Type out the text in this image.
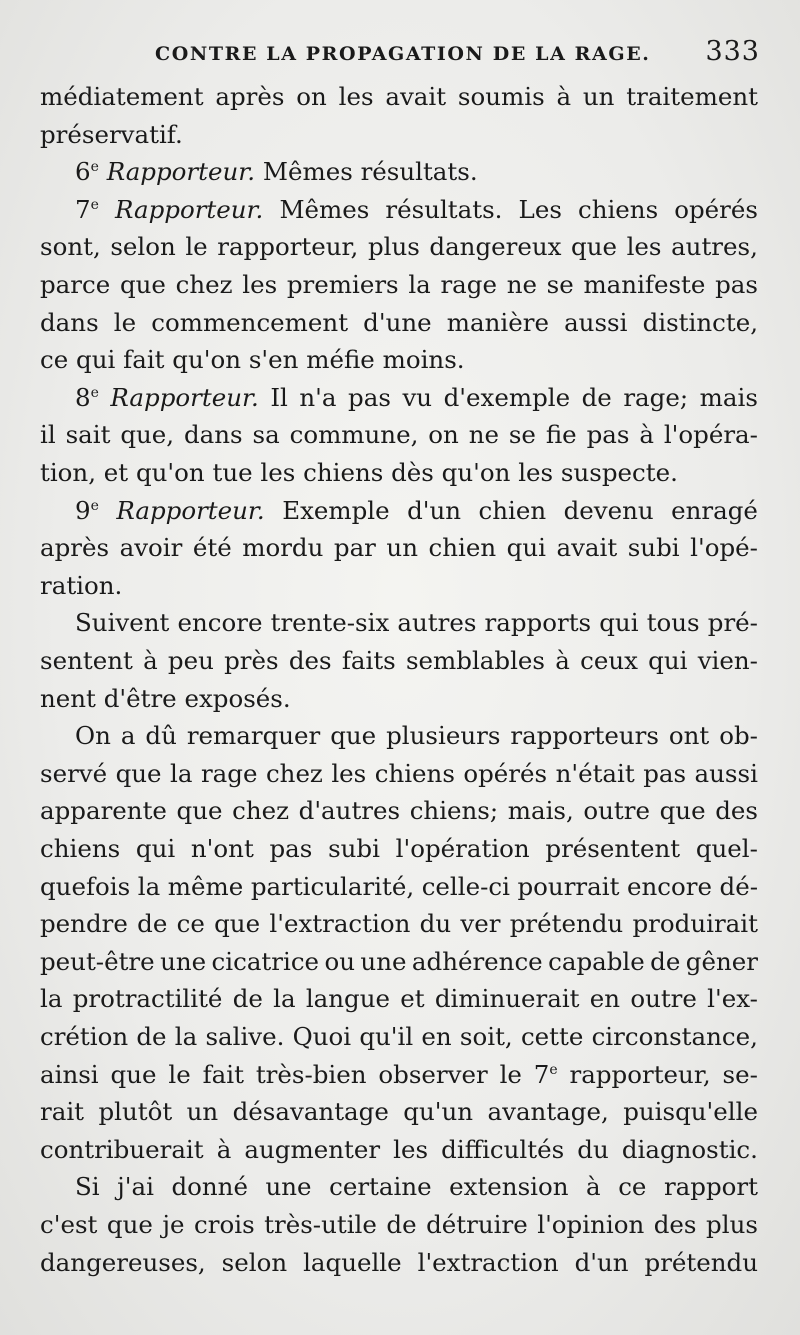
CONTRE LA PROPAGATION DE LA RAGE. 333
médiatement après on les avait soumis à un traitement
préservatif.
6e Rapporteur. Mêmes résultats.
7e Rapporteur. Mêmes résultats. Les chiens opérés
sont, selon le rapporteur, plus dangereux que les autres,
parce que chez les premiers la rage ne se manifeste pas
dans le commencement d'une manière aussi distincte,
ce qui fait qu'on s'en méfie moins.
8e Rapporteur. Il n'a pas vu d'exemple de rage; mais
il sait que, dans sa commune, on ne se fie pas à l'opéra-
tion, et qu'on tue les chiens dès qu'on les suspecte.
9e Rapporteur. Exemple d'un chien devenu enragé
après avoir été mordu par un chien qui avait subi l'opé-
ration.
Suivent encore trente-six autres rapports qui tous pré-
sentent à peu près des faits semblables à ceux qui vien-
nent d'être exposés.
On a dû remarquer que plusieurs rapporteurs ont ob-
servé que la rage chez les chiens opérés n'était pas aussi
apparente que chez d'autres chiens; mais, outre que des
chiens qui n'ont pas subi l'opération présentent quel-
quefois la même particularité, celle-ci pourrait encore dé-
pendre de ce que l'extraction du ver prétendu produirait
peut-être une cicatrice ou une adhérence capable de gêner
la protractilité de la langue et diminuerait en outre l'ex-
crétion de la salive. Quoi qu'il en soit, cette circonstance,
ainsi que le fait très-bien observer le 7e rapporteur, se-
rait plutôt un désavantage qu'un avantage, puisqu'elle
contribuerait à augmenter les difficultés du diagnostic.
Si j'ai donné une certaine extension à ce rapport
c'est que je crois très-utile de détruire l'opinion des plus
dangereuses, selon laquelle l'extraction d'un prétendu
